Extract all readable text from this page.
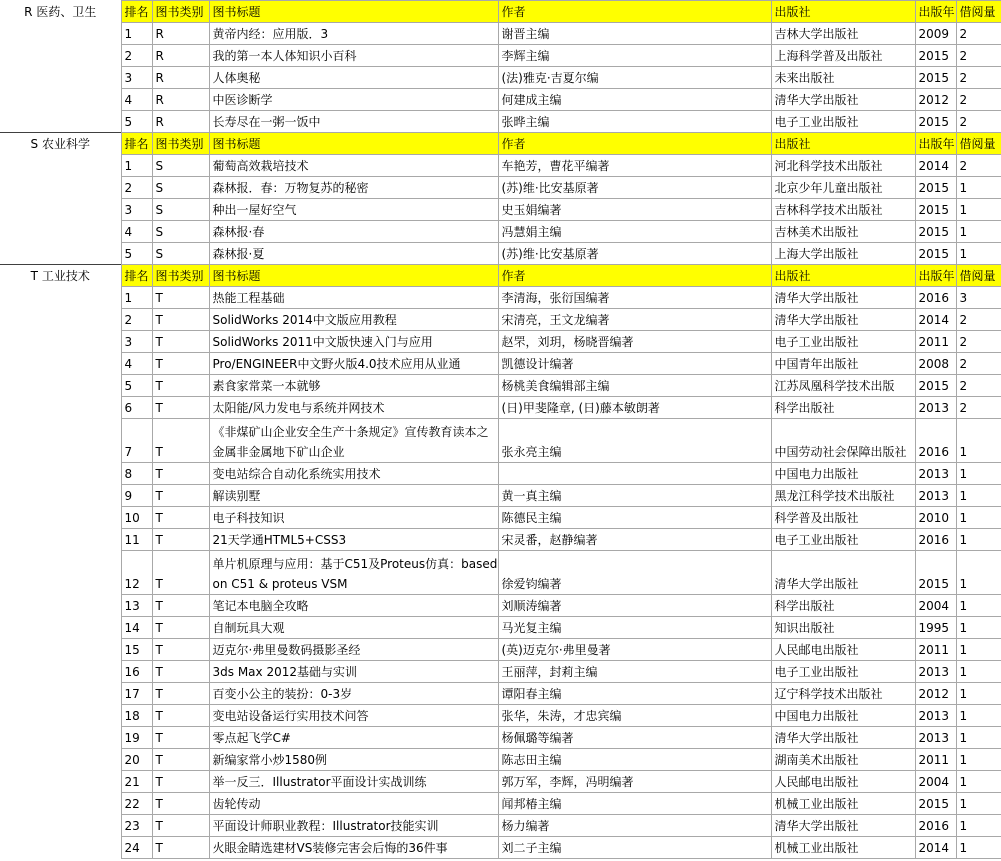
R 医药、卫生	排名	图书类别	图书标题	作者	出版社	出版年	借阅量
	1	R	黄帝内经：应用版．3	谢晋主编	吉林大学出版社	2009	2
	2	R	我的第一本人体知识小百科	李辉主编	上海科学普及出版社	2015	2
	3	R	人体奥秘	(法)雅克·吉夏尔编	未来出版社	2015	2
	4	R	中医诊断学	何建成主编	清华大学出版社	2012	2
	5	R	长寿尽在一粥一饭中	张晔主编	电子工业出版社	2015	2
S 农业科学	排名	图书类别	图书标题	作者	出版社	出版年	借阅量
	1	S	葡萄高效栽培技术	车艳芳，曹花平编著	河北科学技术出版社	2014	2
	2	S	森林报．春：万物复苏的秘密	(苏)维·比安基原著	北京少年儿童出版社	2015	1
	3	S	种出一屋好空气	史玉娟编著	吉林科学技术出版社	2015	1
	4	S	森林报·春	冯慧娟主编	吉林美术出版社	2015	1
	5	S	森林报·夏	(苏)维·比安基原著	上海大学出版社	2015	1
T 工业技术	排名	图书类别	图书标题	作者	出版社	出版年	借阅量
	1	T	热能工程基础	李清海，张衍国编著	清华大学出版社	2016	3
	2	T	SolidWorks 2014中文版应用教程	宋清亮，王文龙编著	清华大学出版社	2014	2
	3	T	SolidWorks 2011中文版快速入门与应用	赵罘，刘玥，杨晓晋编著	电子工业出版社	2011	2
	4	T	Pro/ENGINEER中文野火版4.0技术应用从业通	凯德设计编著	中国青年出版社	2008	2
	5	T	素食家常菜一本就够	杨桃美食编辑部主编	江苏凤凰科学技术出版	2015	2
	6	T	太阳能/风力发电与系统并网技术	(日)甲斐隆章, (日)藤本敏朗著	科学出版社	2013	2
	7	T	《非煤矿山企业安全生产十条规定》宣传教育读本之金属非金属地下矿山企业	张永亮主编	中国劳动社会保障出版社	2016	1
	8	T	变电站综合自动化系统实用技术		中国电力出版社	2013	1
	9	T	解读别墅	黄一真主编	黑龙江科学技术出版社	2013	1
	10	T	电子科技知识	陈德民主编	科学普及出版社	2010	1
	11	T	21天学通HTML5+CSS3	宋灵番，赵静编著	电子工业出版社	2016	1
	12	T	单片机原理与应用：基于C51及Proteus仿真：based on C51 & proteus VSM	徐爱钧编著	清华大学出版社	2015	1
	13	T	笔记本电脑全攻略	刘顺涛编著	科学出版社	2004	1
	14	T	自制玩具大观	马光复主编	知识出版社	1995	1
	15	T	迈克尔·弗里曼数码摄影圣经	(英)迈克尔·弗里曼著	人民邮电出版社	2011	1
	16	T	3ds Max 2012基础与实训	王丽萍，封莉主编	电子工业出版社	2013	1
	17	T	百变小公主的装扮：0-3岁	谭阳春主编	辽宁科学技术出版社	2012	1
	18	T	变电站设备运行实用技术问答	张华，朱涛，才忠宾编	中国电力出版社	2013	1
	19	T	零点起飞学C#	杨佩璐等编著	清华大学出版社	2013	1
	20	T	新编家常小炒1580例	陈志田主编	湖南美术出版社	2011	1
	21	T	举一反三．Illustrator平面设计实战训练	郭万军，李辉，冯明编著	人民邮电出版社	2004	1
	22	T	齿轮传动	闻邦椿主编	机械工业出版社	2015	1
	23	T	平面设计师职业教程：Illustrator技能实训	杨力编著	清华大学出版社	2016	1
	24	T	火眼金睛选建材VS装修完害会后悔的36件事	刘二子主编	机械工业出版社	2014	1
